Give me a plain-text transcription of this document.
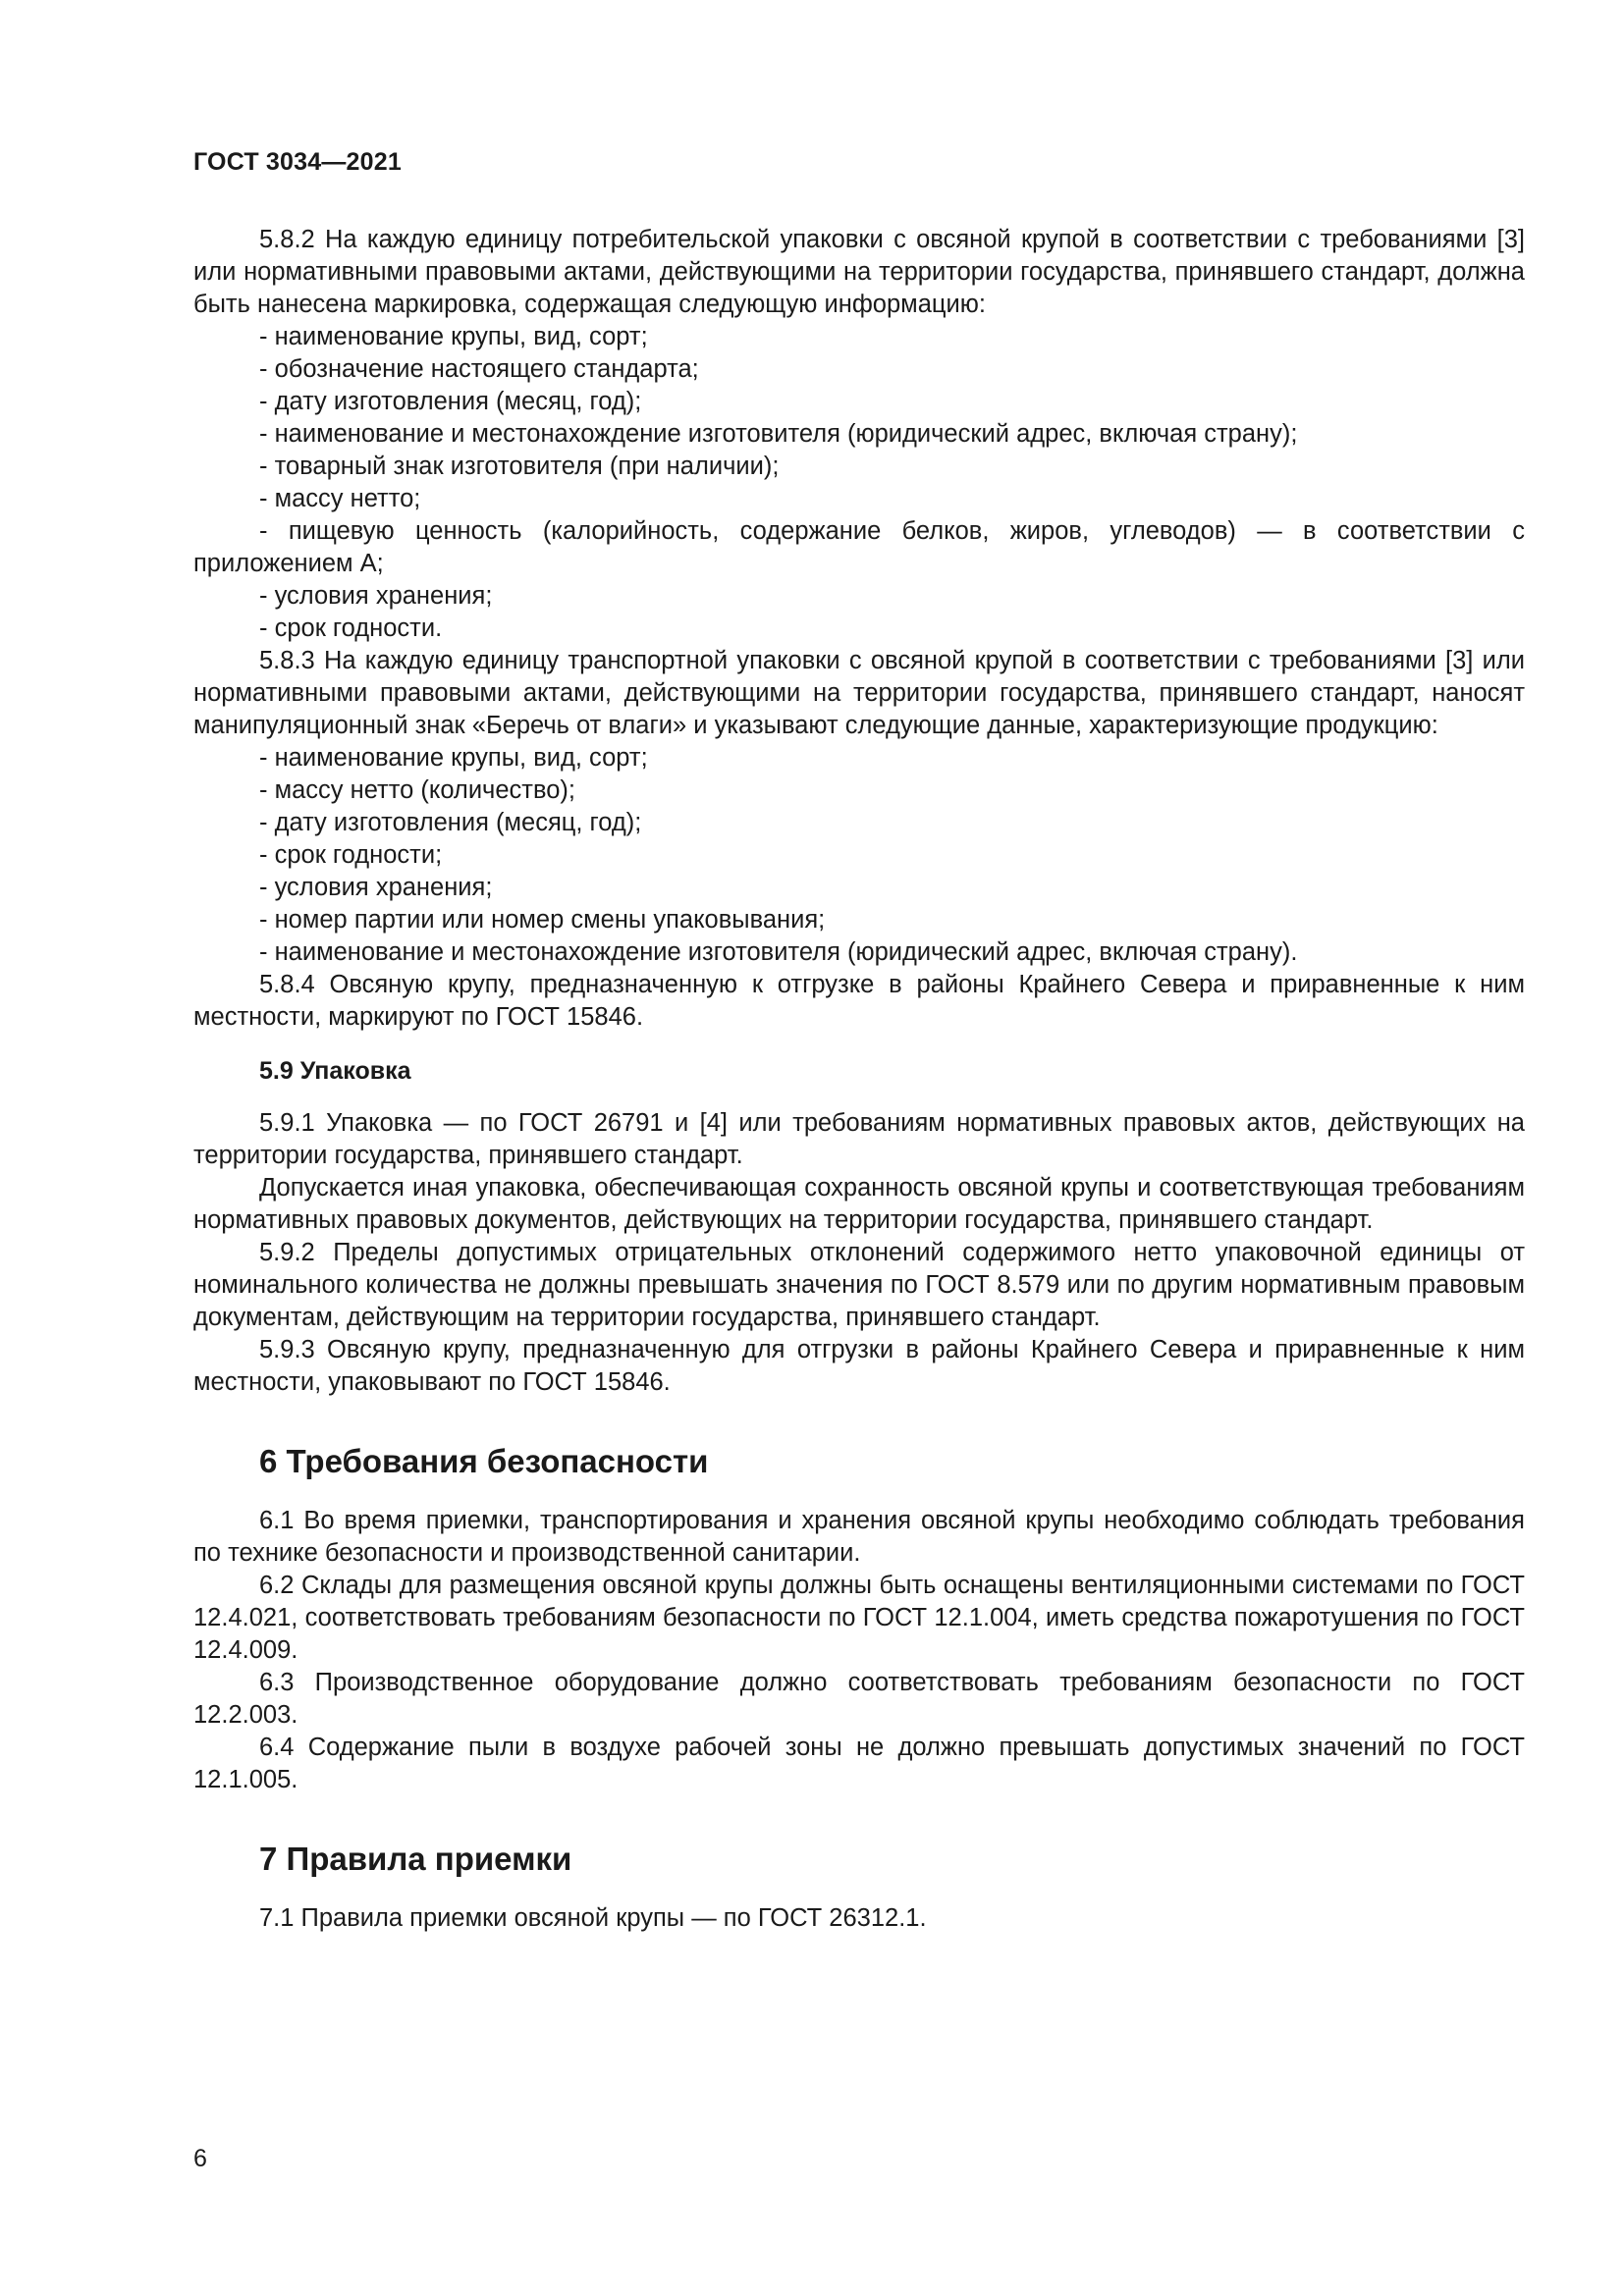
ГОСТ 3034—2021

5.8.2 На каждую единицу потребительской упаковки с овсяной крупой в соответствии с требованиями [3] или нормативными правовыми актами, действующими на территории государства, принявшего стандарт, должна быть нанесена маркировка, содержащая следующую информацию:

- наименование крупы, вид, сорт;

- обозначение настоящего стандарта;

- дату изготовления (месяц, год);

- наименование и местонахождение изготовителя (юридический адрес, включая страну);

- товарный знак изготовителя (при наличии);

- массу нетто;

- пищевую ценность (калорийность, содержание белков, жиров, углеводов) — в соответствии с приложением А;

- условия хранения;

- срок годности.

5.8.3 На каждую единицу транспортной упаковки с овсяной крупой в соответствии с требованиями [3] или нормативными правовыми актами, действующими на территории государства, принявшего стандарт, наносят манипуляционный знак «Беречь от влаги» и указывают следующие данные, характеризующие продукцию:

- наименование крупы, вид, сорт;

- массу нетто (количество);

- дату изготовления (месяц, год);

- срок годности;

- условия хранения;

- номер партии или номер смены упаковывания;

- наименование и местонахождение изготовителя (юридический адрес, включая страну).

5.8.4 Овсяную крупу, предназначенную к отгрузке в районы Крайнего Севера и приравненные к ним местности, маркируют по ГОСТ 15846.

5.9 Упаковка

5.9.1 Упаковка — по ГОСТ 26791 и [4] или требованиям нормативных правовых актов, действующих на территории государства, принявшего стандарт.

Допускается иная упаковка, обеспечивающая сохранность овсяной крупы и соответствующая требованиям нормативных правовых документов, действующих на территории государства, принявшего стандарт.

5.9.2 Пределы допустимых отрицательных отклонений содержимого нетто упаковочной единицы от номинального количества не должны превышать значения по ГОСТ 8.579 или по другим нормативным правовым документам, действующим на территории государства, принявшего стандарт.

5.9.3 Овсяную крупу, предназначенную для отгрузки в районы Крайнего Севера и приравненные к ним местности, упаковывают по ГОСТ 15846.

6 Требования безопасности

6.1 Во время приемки, транспортирования и хранения овсяной крупы необходимо соблюдать требования по технике безопасности и производственной санитарии.

6.2 Склады для размещения овсяной крупы должны быть оснащены вентиляционными системами по ГОСТ 12.4.021, соответствовать требованиям безопасности по ГОСТ 12.1.004, иметь средства пожаротушения по ГОСТ 12.4.009.

6.3 Производственное оборудование должно соответствовать требованиям безопасности по ГОСТ 12.2.003.

6.4 Содержание пыли в воздухе рабочей зоны не должно превышать допустимых значений по ГОСТ 12.1.005.

7 Правила приемки

7.1 Правила приемки овсяной крупы — по ГОСТ 26312.1.

6
